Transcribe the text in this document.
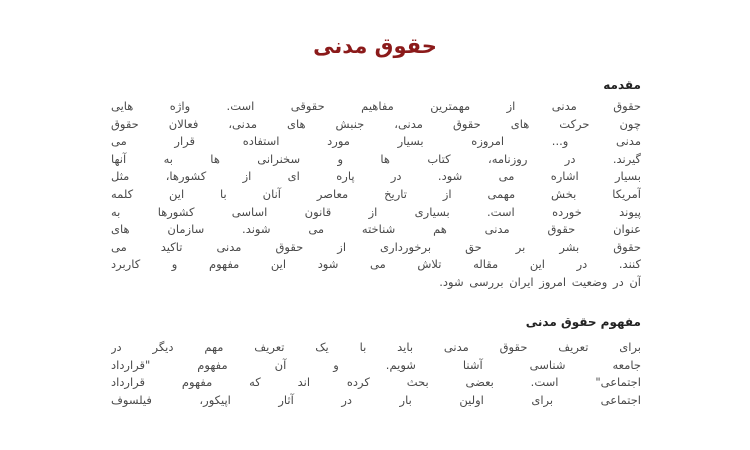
حقوق مدنی
مقدمه
حقوق مدنی از مهمترین مفاهیم حقوقی است. واژه هایی
چون حرکت های حقوق مدنی، جنبش های مدنی، فعالان حقوق
مدنی و... امروزه بسیار مورد استفاده قرار می
گیرند. در روزنامه، کتاب ها و سخنرانی ها به آنها
بسیار اشاره می شود. در پاره ای از کشورها، مثل
آمریکا بخش مهمی از تاریخ معاصر آنان با این کلمه
پیوند خورده است. بسیاری از قانون اساسی کشورها به
عنوان حقوق مدنی هم شناخته می شوند. سازمان های
حقوق بشر بر حق برخورداری از حقوق مدنی تاکید می
کنند. در این مقاله تلاش می شود این مفهوم و کاربرد
آن در وضعیت امروز ایران بررسی شود.
مفهوم حقوق مدنی
برای تعریف حقوق مدنی باید با یک تعریف مهم دیگر در
جامعه شناسی آشنا شویم. و آن مفهوم "قرارداد
اجتماعی" است. بعضی بحث کرده اند که مفهوم قرارداد
اجتماعی برای اولین بار در آثار اپیکور، فیلسوف
